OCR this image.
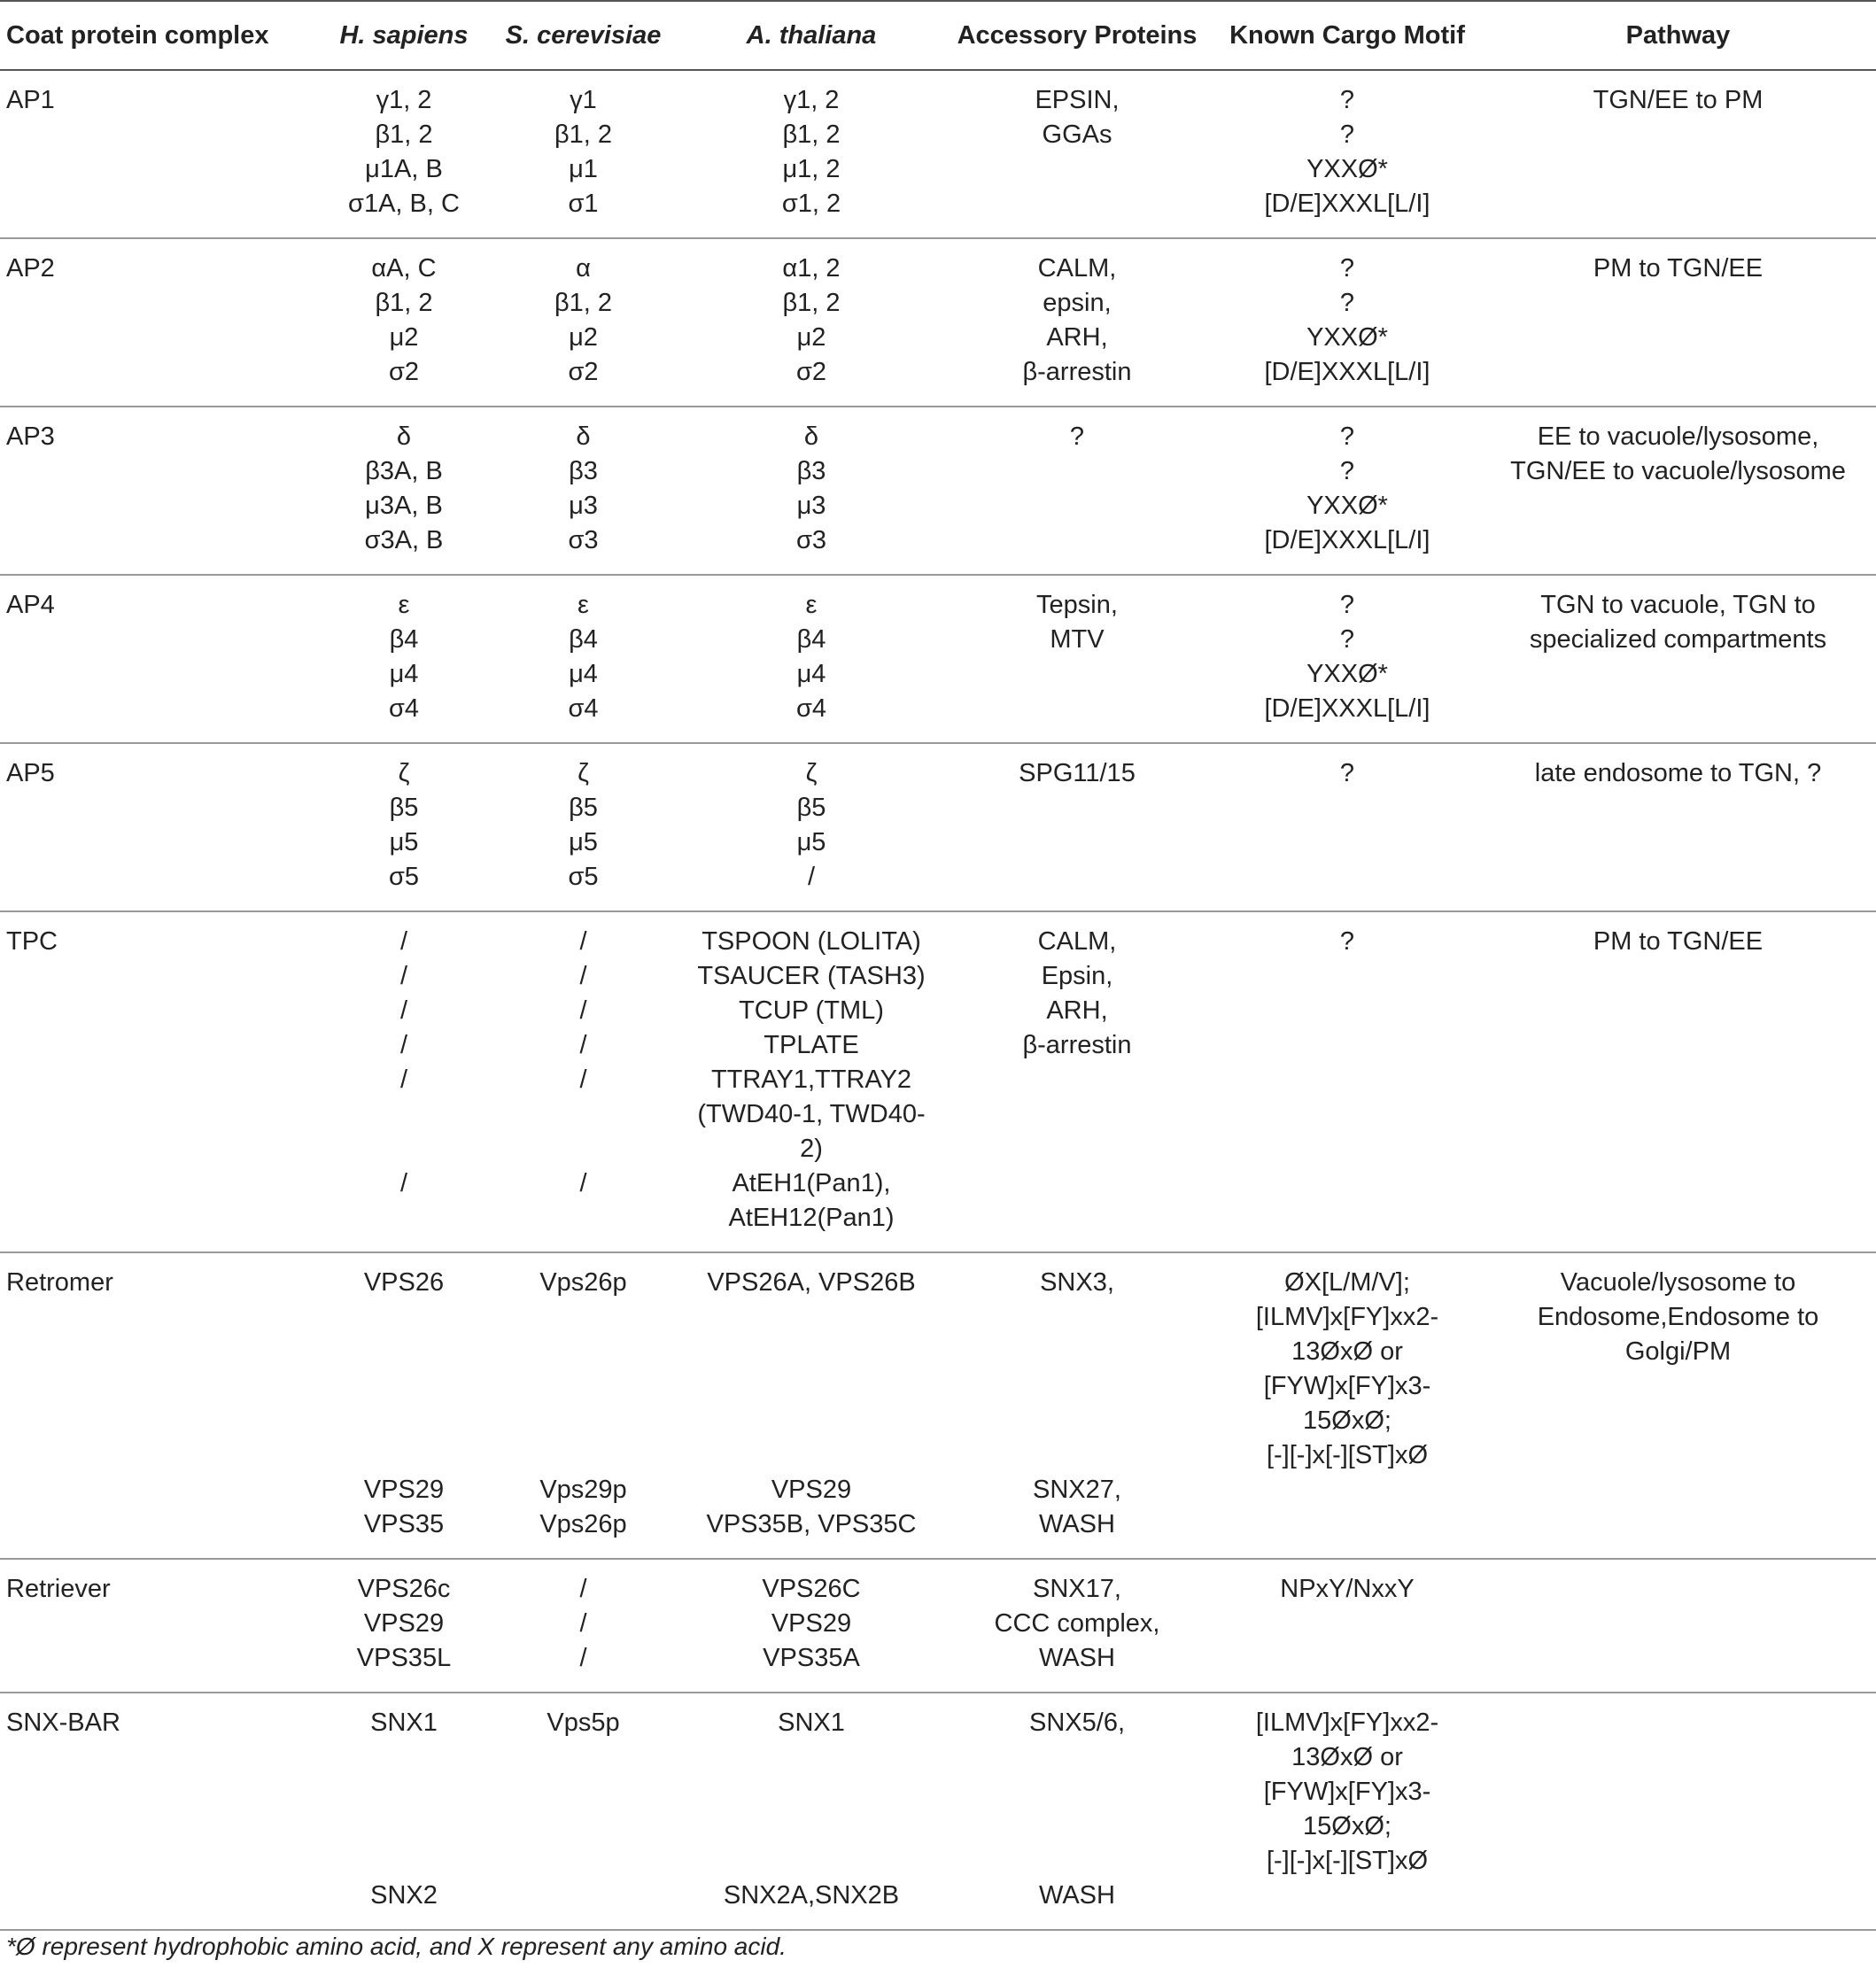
Coat protein complex	H. sapiens	S. cerevisiae	A. thaliana	Accessory Proteins	Known Cargo Motif	Pathway
AP1	γ1, 2	γ1	γ1, 2	EPSIN,	?	TGN/EE to PM

	β1, 2	β1, 2	β1, 2	GGAs	?	

	μ1A, B	μ1	μ1, 2		YXXØ*	

	σ1A, B, C	σ1	σ1, 2		[D/E]XXXL[L/I]	

AP2	αA, C	α	α1, 2	CALM,	?	PM to TGN/EE

	β1, 2	β1, 2	β1, 2	epsin,	?	

	μ2	μ2	μ2	ARH,	YXXØ*	

	σ2	σ2	σ2	β-arrestin	[D/E]XXXL[L/I]	

AP3	δ	δ	δ	?	?	EE to vacuole/lysosome,
TGN/EE to vacuole/lysosome

	β3A, B	β3	β3		?	

	μ3A, B	μ3	μ3		YXXØ*	

	σ3A, B	σ3	σ3		[D/E]XXXL[L/I]	

AP4	ε	ε	ε	Tepsin,	?	TGN to vacuole, TGN to
specialized compartments

	β4	β4	β4	MTV	?	

	μ4	μ4	μ4		YXXØ*	

	σ4	σ4	σ4		[D/E]XXXL[L/I]	

AP5	ζ	ζ	ζ	SPG11/15	?	late endosome to TGN, ?

	β5	β5	β5			

	μ5	μ5	μ5			

	σ5	σ5	/			

TPC	/	/	TSPOON (LOLITA)	CALM,	?	PM to TGN/EE

	/	/	TSAUCER (TASH3)	Epsin,		

	/	/	TCUP (TML)	ARH,		

	/	/	TPLATE	β-arrestin		

	/	/	TTRAY1,TTRAY2
(TWD40-1, TWD40-2)			

	/	/	AtEH1(Pan1),
AtEH12(Pan1)			

Retromer	VPS26	Vps26p	VPS26A, VPS26B	SNX3,	ØX[L/M/V];
[ILMV]x[FY]xx2-13ØxØ or
[FYW]x[FY]x3-15ØxØ;
[-][-]x[-][ST]xØ	Vacuole/lysosome to
Endosome,Endosome to
Golgi/PM

	VPS29	Vps29p	VPS29	SNX27,		

	VPS35	Vps26p	VPS35B, VPS35C	WASH		

Retriever	VPS26c	/	VPS26C	SNX17,	NPxY/NxxY	

	VPS29	/	VPS29	CCC complex,		

	VPS35L	/	VPS35A	WASH		

SNX-BAR	SNX1	Vps5p	SNX1	SNX5/6,	[ILMV]x[FY]xx2-13ØxØ or
[FYW]x[FY]x3-15ØxØ;
[-][-]x[-][ST]xØ	

	SNX2		SNX2A,SNX2B	WASH		

*Ø represent hydrophobic amino acid, and X represent any amino acid.
